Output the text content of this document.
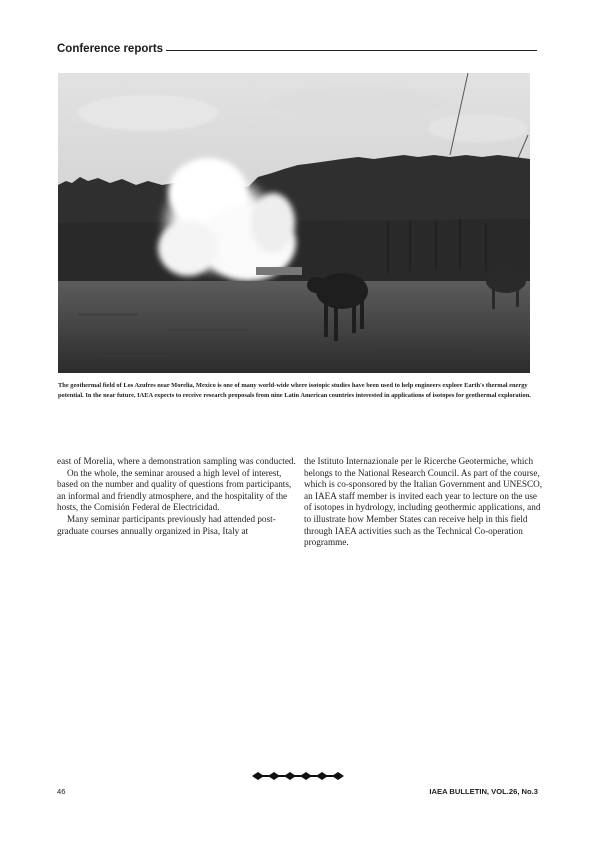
Conference reports

The geothermal field of Los Azufres near Morelia, Mexico is one of many world-wide where isotopic studies have been used to help engineers explore Earth's thermal energy potential. In the near future, IAEA expects to receive research proposals from nine Latin American countries interested in applications of isotopes for geothermal exploration.

east of Morelia, where a demonstration sampling was conducted.

On the whole, the seminar aroused a high level of interest, based on the number and quality of questions from participants, an informal and friendly atmosphere, and the hospitality of the hosts, the Comisión Federal de Electricidad.

Many seminar participants previously had attended post-graduate courses annually organized in Pisa, Italy at

the Istituto Internazionale per le Ricerche Geotermiche, which belongs to the National Research Council. As part of the course, which is co-sponsored by the Italian Government and UNESCO, an IAEA staff member is invited each year to lecture on the use of isotopes in hydrology, including geothermic applications, and to illustrate how Member States can receive help in this field through IAEA activities such as the Technical Co-operation programme.

46	IAEA BULLETIN, VOL.26, No.3
